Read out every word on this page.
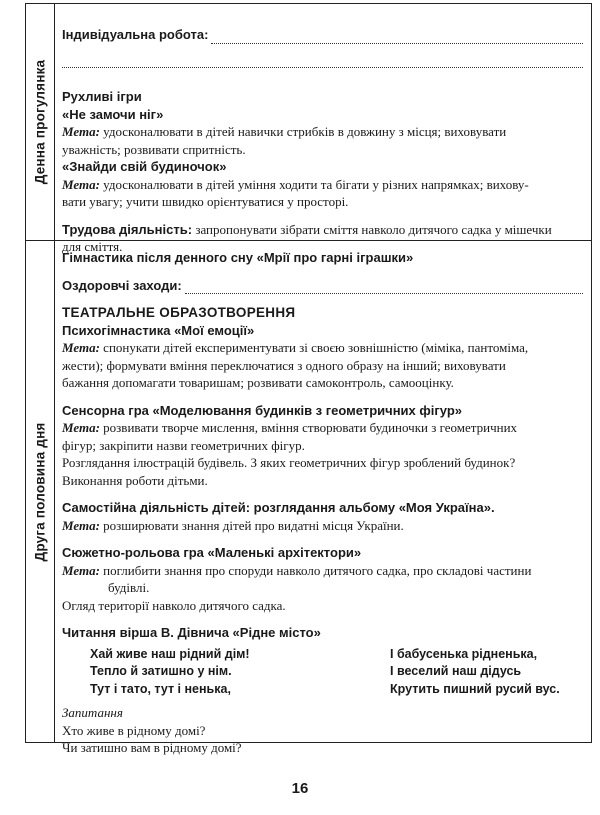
Денна прогулянка

Індивідуальна робота:

Рухливі ігри

«Не замочи ніг»

Мета: удосконалювати в дітей навички стрибків в довжину з місця; виховувати

уважність; розвивати спритність.

«Знайди свій будиночок»

Мета: удосконалювати в дітей уміння ходити та бігати у різних напрямках; вихову-

вати увагу; учити швидко орієнтуватися у просторі.

Трудова діяльність: запропонувати зібрати сміття навколо дитячого садка у мішечки

для сміття.

Друга половина дня

Гімнастика після денного сну «Мрії про гарні іграшки»

Оздоровчі заходи:

ТЕАТРАЛЬНЕ ОБРАЗОТВОРЕННЯ

Психогімнастика «Мої емоції»

Мета: спонукати дітей експериментувати зі своєю зовнішністю (міміка, пантоміма,

жести); формувати вміння переключатися з одного образу на інший; виховувати

бажання допомагати товаришам; розвивати самоконтроль, самооцінку.

Сенсорна гра «Моделювання будинків з геометричних фігур»

Мета: розвивати творче мислення, вміння створювати будиночки з геометричних

фігур; закріпити назви геометричних фігур.

Розглядання ілюстрацій будівель. З яких геометричних фігур зроблений будинок?

Виконання роботи дітьми.

Самостійна діяльність дітей: розглядання альбому «Моя Україна».

Мета: розширювати знання дітей про видатні місця України.

Сюжетно-рольова гра «Маленькі архітектори»

Мета: поглибити знання про споруди навколо дитячого садка, про складові частини

будівлі.

Огляд території навколо дитячого садка.

Читання вірша В. Дівнича «Рідне місто»

Хай живе наш рідний дім!
Тепло й затишно у нім.
Тут і тато, тут і ненька,
І бабусенька рідненька,
І веселий наш дідусь
Крутить пишний русий вус.

Запитання

Хто живе в рідному домі?

Чи затишно вам в рідному домі?

16
